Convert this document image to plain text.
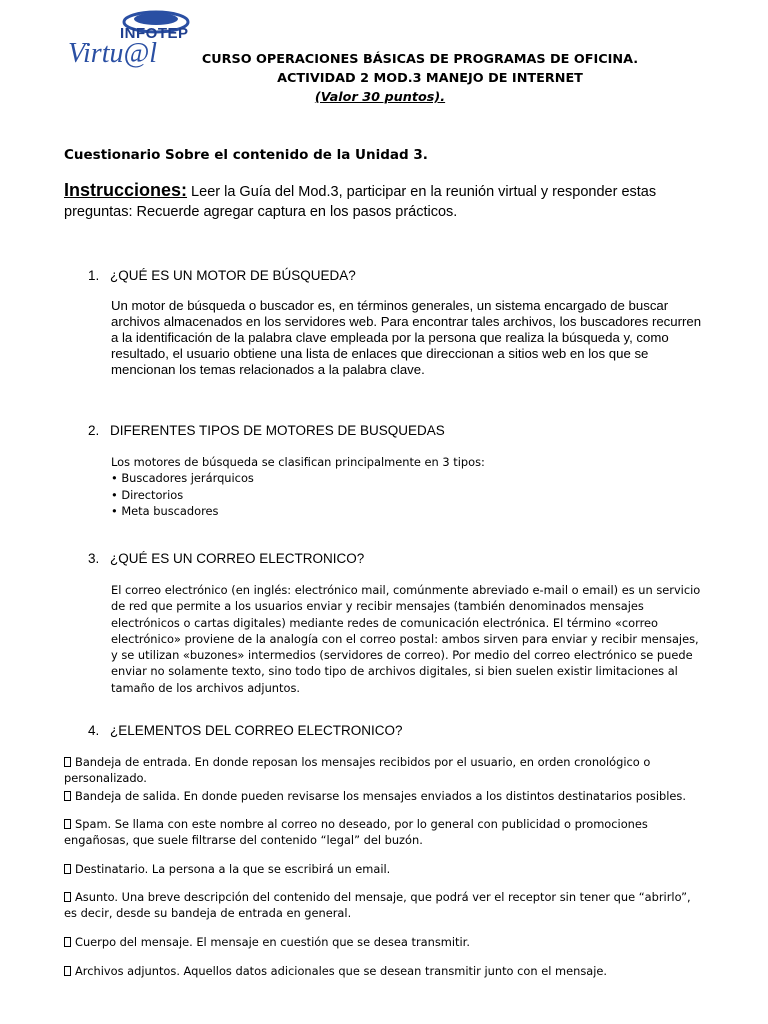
INFOTEP
Virtu@l	CURSO OPERACIONES BÁSICAS DE PROGRAMAS DE OFICINA.
ACTIVIDAD 2 MOD.3 MANEJO DE INTERNET
(Valor 30 puntos).
Cuestionario Sobre el contenido de la Unidad 3.
Instrucciones: Leer la Guía del Mod.3, participar en la reunión virtual y responder estas preguntas: Recuerde agregar captura en los pasos prácticos.
1. ¿QUÉ ES UN MOTOR DE BÚSQUEDA?
Un motor de búsqueda o buscador es, en términos generales, un sistema encargado de buscar archivos almacenados en los servidores web. Para encontrar tales archivos, los buscadores recurren a la identificación de la palabra clave empleada por la persona que realiza la búsqueda y, como resultado, el usuario obtiene una lista de enlaces que direccionan a sitios web en los que se mencionan los temas relacionados a la palabra clave.
2. DIFERENTES TIPOS DE MOTORES DE BUSQUEDAS
Los motores de búsqueda se clasifican principalmente en 3 tipos:
• Buscadores jerárquicos
• Directorios
• Meta buscadores
3. ¿QUÉ ES UN CORREO ELECTRONICO?
El correo electrónico (en inglés: electrónico mail, comúnmente abreviado e-mail o email) es un servicio de red que permite a los usuarios enviar y recibir mensajes (también denominados mensajes electrónicos o cartas digitales) mediante redes de comunicación electrónica. El término «correo electrónico» proviene de la analogía con el correo postal: ambos sirven para enviar y recibir mensajes, y se utilizan «buzones» intermedios (servidores de correo). Por medio del correo electrónico se puede enviar no solamente texto, sino todo tipo de archivos digitales, si bien suelen existir limitaciones al tamaño de los archivos adjuntos.
4. ¿ELEMENTOS DEL CORREO ELECTRONICO?
Bandeja de entrada. En donde reposan los mensajes recibidos por el usuario, en orden cronológico o personalizado.
Bandeja de salida. En donde pueden revisarse los mensajes enviados a los distintos destinatarios posibles.
Spam. Se llama con este nombre al correo no deseado, por lo general con publicidad o promociones engañosas, que suele filtrarse del contenido “legal” del buzón.
Destinatario. La persona a la que se escribirá un email.
Asunto. Una breve descripción del contenido del mensaje, que podrá ver el receptor sin tener que “abrirlo”, es decir, desde su bandeja de entrada en general.
Cuerpo del mensaje. El mensaje en cuestión que se desea transmitir.
Archivos adjuntos. Aquellos datos adicionales que se desean transmitir junto con el mensaje.
